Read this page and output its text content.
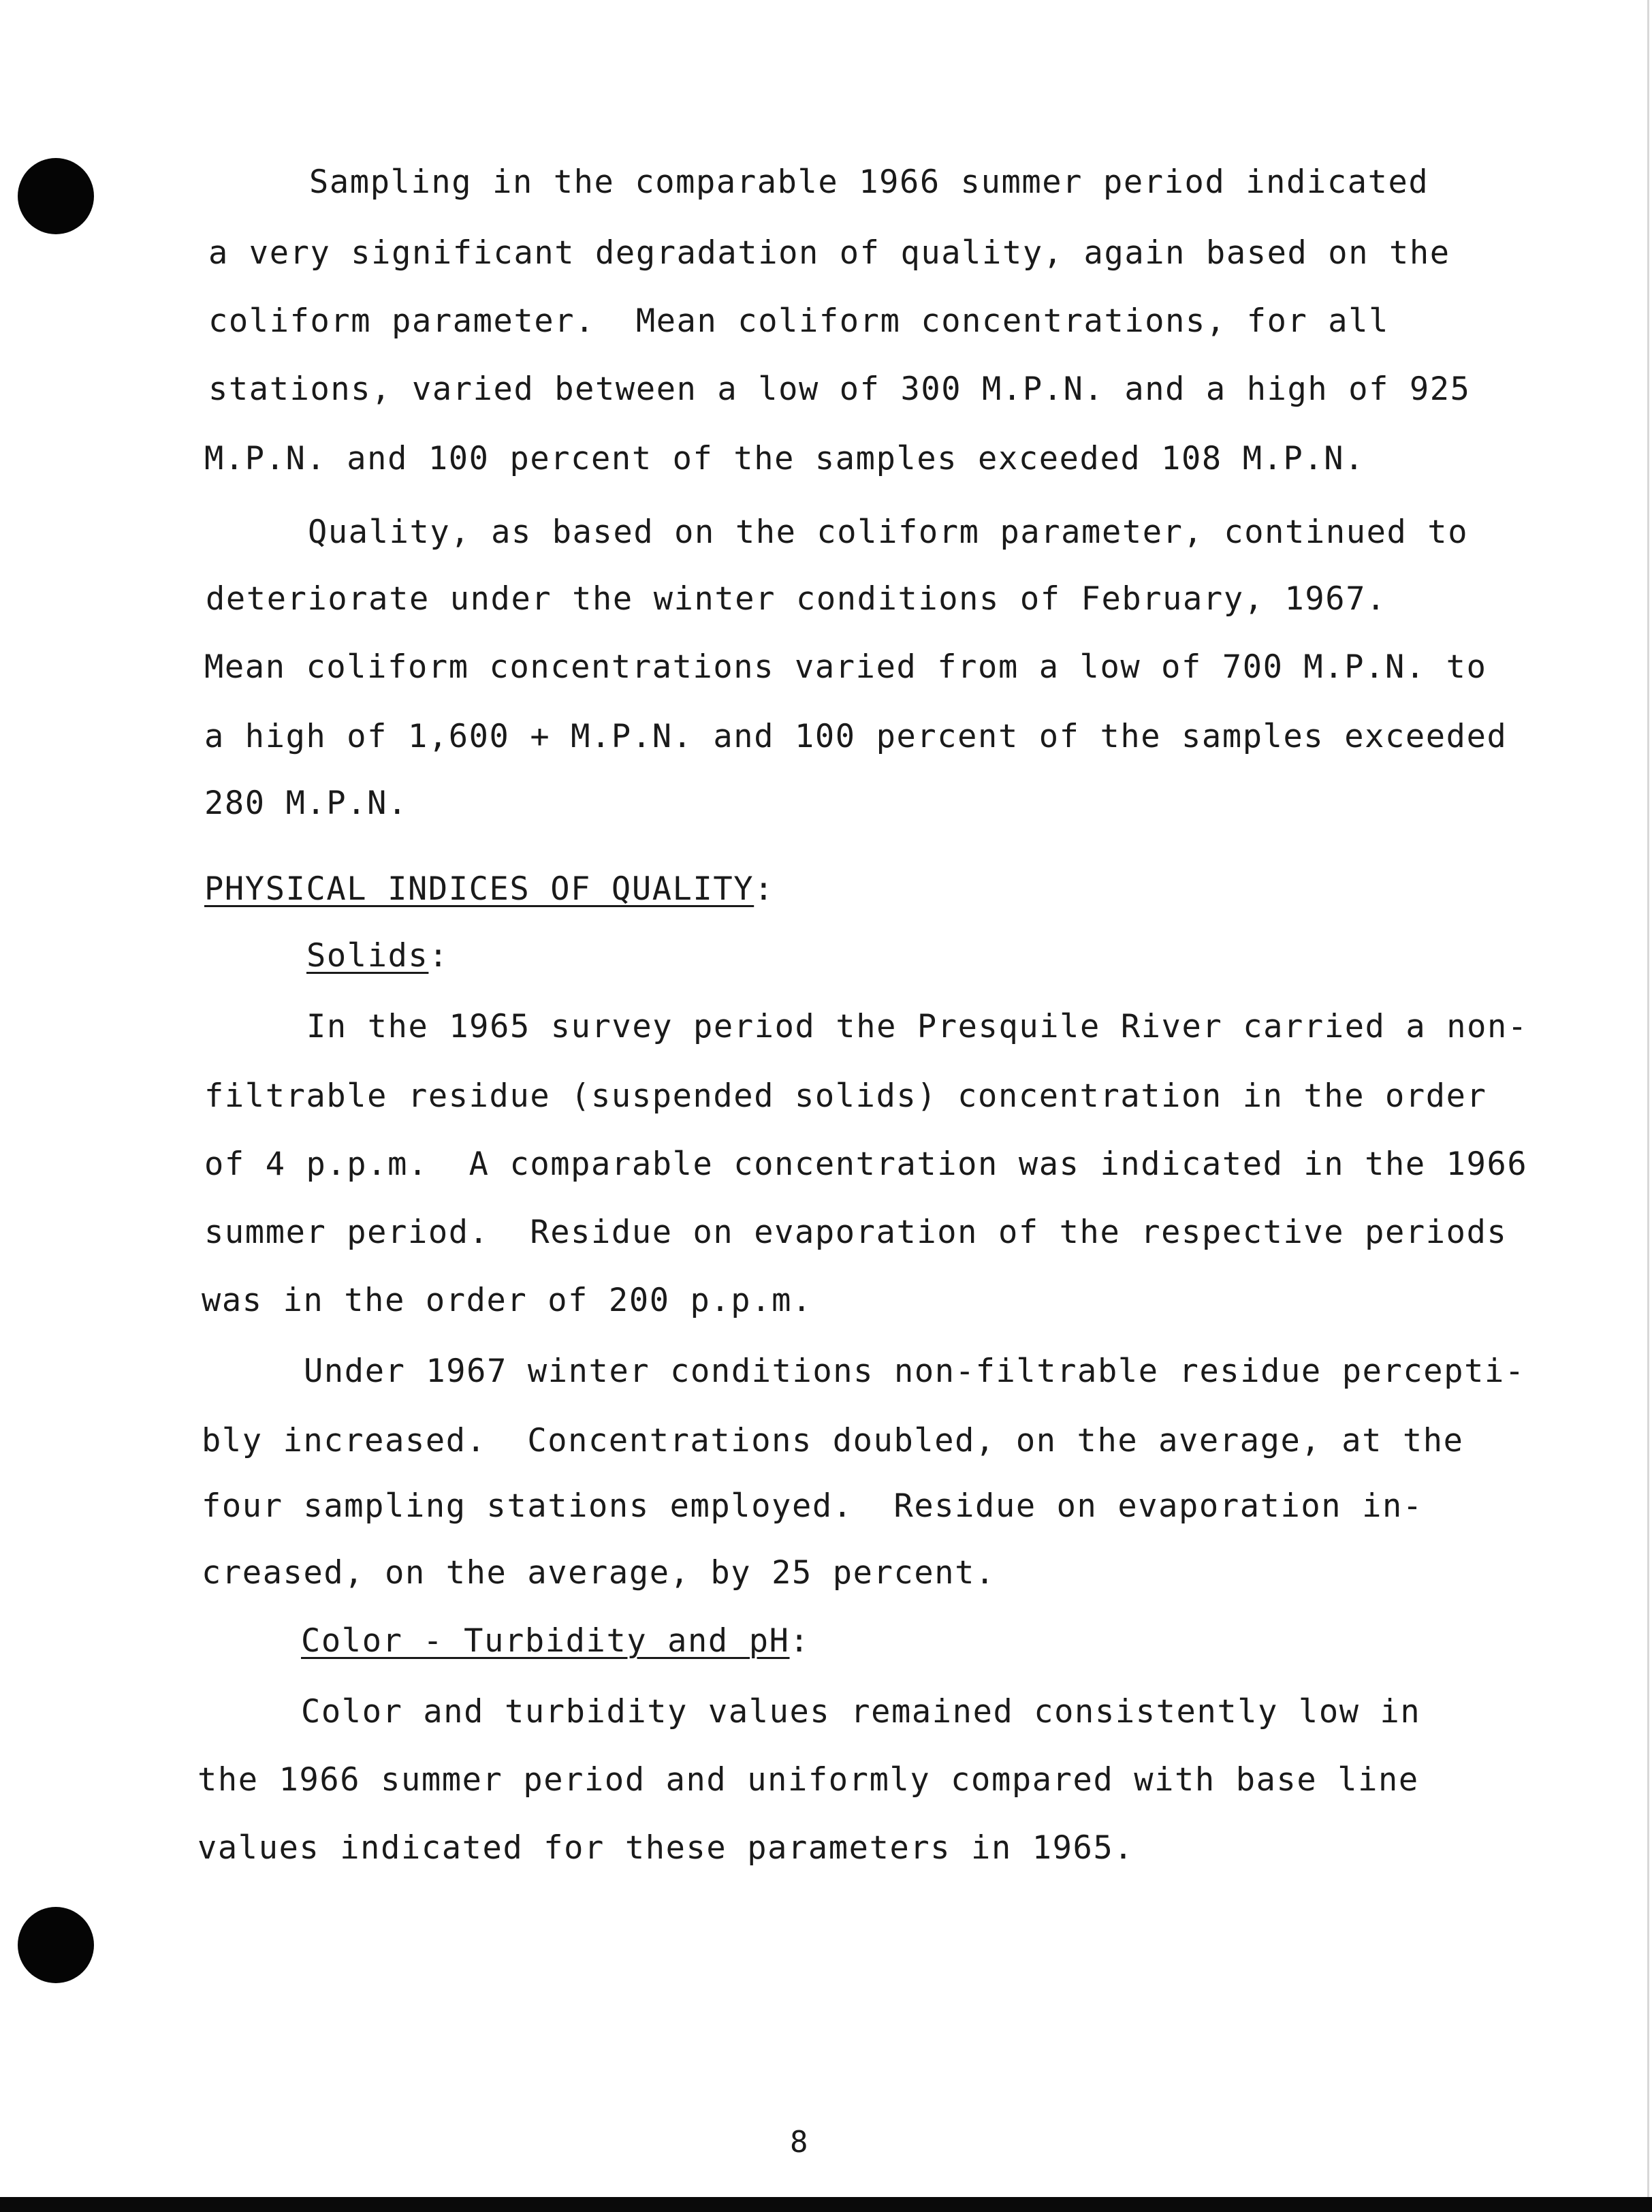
Sampling in the comparable 1966 summer period indicated
a very significant degradation of quality, again based on the
coliform parameter.  Mean coliform concentrations, for all
stations, varied between a low of 300 M.P.N. and a high of 925
M.P.N. and 100 percent of the samples exceeded 108 M.P.N.
Quality, as based on the coliform parameter, continued to
deteriorate under the winter conditions of February, 1967.
Mean coliform concentrations varied from a low of 700 M.P.N. to
a high of 1,600 + M.P.N. and 100 percent of the samples exceeded
280 M.P.N.
PHYSICAL INDICES OF QUALITY:
Solids:
In the 1965 survey period the Presquile River carried a non-
filtrable residue (suspended solids) concentration in the order
of 4 p.p.m.  A comparable concentration was indicated in the 1966
summer period.  Residue on evaporation of the respective periods
was in the order of 200 p.p.m.
Under 1967 winter conditions non-filtrable residue percepti-
bly increased.  Concentrations doubled, on the average, at the
four sampling stations employed.  Residue on evaporation in-
creased, on the average, by 25 percent.
Color - Turbidity and pH:
Color and turbidity values remained consistently low in
the 1966 summer period and uniformly compared with base line
values indicated for these parameters in 1965.
8
